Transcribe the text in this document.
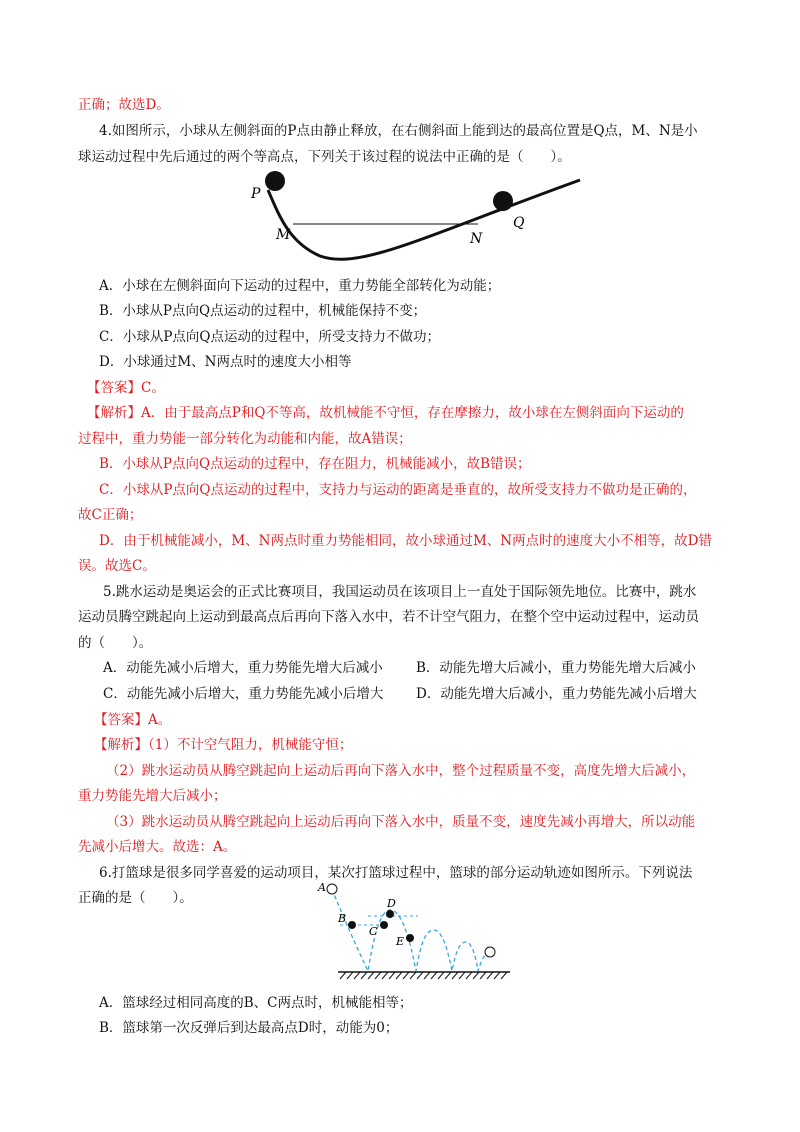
正确；故选D。
4.如图所示，小球从左侧斜面的P点由静止释放，在右侧斜面上能到达的最高位置是Q点，M、N是小
球运动过程中先后通过的两个等高点，下列关于该过程的说法中正确的是（　　）。
P
M	N
Q
A．小球在左侧斜面向下运动的过程中，重力势能全部转化为动能；
B．小球从P点向Q点运动的过程中，机械能保持不变；
C．小球从P点向Q点运动的过程中，所受支持力不做功；
D．小球通过M、N两点时的速度大小相等
【答案】C。
【解析】A．由于最高点P和Q不等高，故机械能不守恒，存在摩擦力，故小球在左侧斜面向下运动的
过程中，重力势能一部分转化为动能和内能，故A错误；
B．小球从P点向Q点运动的过程中，存在阻力，机械能减小，故B错误；
C．小球从P点向Q点运动的过程中，支持力与运动的距离是垂直的，故所受支持力不做功是正确的，
故C正确；
D．由于机械能减小，M、N两点时重力势能相同，故小球通过M、N两点时的速度大小不相等，故D错
误。故选C。
5.跳水运动是奥运会的正式比赛项目，我国运动员在该项目上一直处于国际领先地位。比赛中，跳水
运动员腾空跳起向上运动到最高点后再向下落入水中，若不计空气阻力，在整个空中运动过程中，运动员
的（　　）。
A．动能先减小后增大，重力势能先增大后减小 B．动能先增大后减小，重力势能先增大后减小
C．动能先减小后增大，重力势能先减小后增大 D．动能先增大后减小，重力势能先减小后增大
【答案】A。
【解析】（1）不计空气阻力，机械能守恒；
（2）跳水运动员从腾空跳起向上运动后再向下落入水中，整个过程质量不变，高度先增大后减小，
重力势能先增大后减小；
（3）跳水运动员从腾空跳起向上运动后再向下落入水中，质量不变，速度先减小再增大，所以动能
先减小后增大。故选：A。
6.打篮球是很多同学喜爱的运动项目，某次打篮球过程中，篮球的部分运动轨迹如图所示。下列说法
正确的是（　　）。
A
B
C
D
E
A．篮球经过相同高度的B、C两点时，机械能相等；
B．篮球第一次反弹后到达最高点D时，动能为0；
